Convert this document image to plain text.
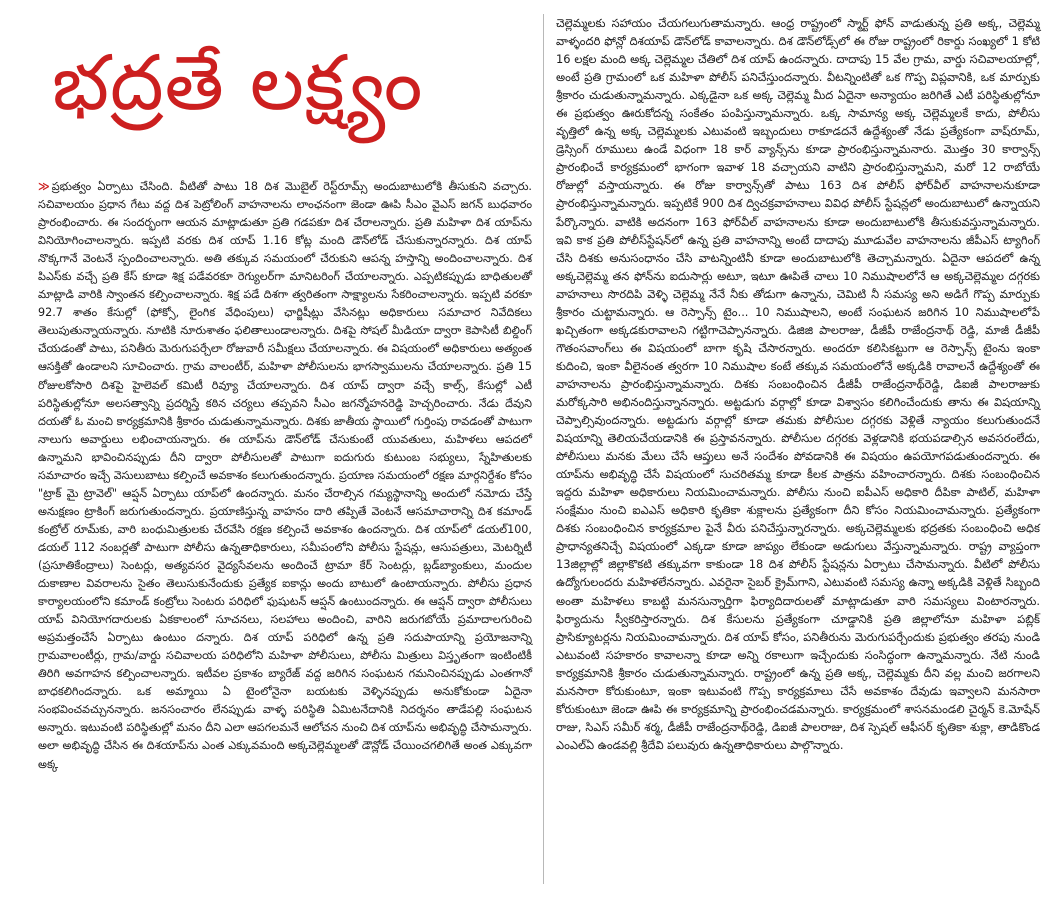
భద్రతే లక్ష్యం

≫ ప్రభుత్వం ఏర్పాటు చేసింది. వీటితో పాటు 18 దిశ మొబైల్ రెస్ట్‌రూమ్స్ అందుబాటులోకి తీసుకుని వచ్చారు. సచివాలయం ప్రధాన గేటు వద్ద దిశ పెట్రోలింగ్ వాహనాలను లాంఛనంగా జెండా ఊపి సీఎం వైఎస్ జగన్ బుధవారం ప్రారంభించారు. ఈ సందర్భంగా ఆయన మాట్లాడుతూ ప్రతి గడపకూ దిశ చేరాలన్నారు. ప్రతి మహిళా దిశ యాప్‌ను వినియోగించాలన్నారు. ఇప్పటి వరకు దిశ యాప్ 1.16 కోట్ల మంది డౌన్‌లోడ్ చేసుకున్నారన్నారు. దిశ యాప్ నొక్కగానే వెంటనే స్పందించాలన్నారు. అతి తక్కువ సమయంలో చేరుకుని ఆపన్న హస్తాన్ని అందించాలన్నారు. దిశ పిఎస్‌కు వచ్చే ప్రతి కేస్ కూడా శిక్ష పడేవరకూ రెగ్యులర్‌గా మానిటరింగ్ చేయాలన్నారు. ఎప్పటికప్పుడు బాధితులతో మాట్లాడి వారికి స్వాంతన కల్పించాలన్నారు. శిక్ష పడే దిశగా త్వరితంగా సాక్ష్యాలను సేకరించాలన్నారు. ఇప్పటి వరకూ 92.7 శాతం కేసుల్లో (ఫోక్సో, లైంగిక వేధింపులు) ఛార్జిషీట్లు వేసినట్లు అధికారులు సమాచార నివేదికలు తెలుపుతున్నాయన్నారు. నూటికి నూరుశాతం ఫలితాలుండాలన్నారు. దిశపై సోషల్ మీడియా ద్వారా కెపాసిటీ బిల్డింగ్ చేయడంతో పాటు, పనితీరు మెరుగుపర్చేలా రోజువారీ సమీక్షలు చేయాలన్నారు. ఈ విషయంలో అధికారులు అత్యంత ఆసక్తితో ఉండాలని సూచించారు. గ్రామ వాలంటీర్, మహిళా పోలీసులను భాగస్వాములను చేయాలన్నారు. ప్రతి 15 రోజులకోసారి దిశపై హైలెవల్ కమిటీ రివ్యూ చేయాలన్నారు. దిశ యాప్ ద్వారా వచ్చే కాల్స్, కేసుల్లో ఎటీ పరిస్థితుల్లోనూ అలసత్వాన్ని ప్రదర్శిస్తే కఠిన చర్యలు తప్పవని సీఎం జగన్మోహనరెడ్డి హెచ్చరించారు. నేడు దేవుని దయతో ఓ మంచి కార్యక్రమానికి శ్రీకారం చుడుతున్నామన్నారు. దిశకు జాతీయ స్థాయిలో గుర్తింపు రావడంతో పాటుగా నాలుగు అవార్డులు లభించాయన్నారు. ఈ యాప్‌ను డౌన్‌లోడ్ చేసుకుంటే యువతులు, మహిళలు ఆపదలో ఉన్నామని భావించినప్పుడు దీని ద్వారా పోలీసులతో పాటుగా ఐదుగురు కుటుంబ సభ్యులు, స్నేహితులకు సమాచారం ఇచ్చే వెసులుబాటు కల్పించే అవకాశం కలుగుతుందన్నారు. ప్రయాణ సమయంలో రక్షణ మార్గనిర్దేశం కోసం "ట్రాక్ మై ట్రావెల్" ఆప్షన్ ఏర్పాటు యాప్‌లో ఉందన్నారు. మనం చేరాల్సిన గమ్యస్థానాన్ని అందులో నమోదు చేస్తే అనుక్షణం ట్రాకింగ్ జరుగుతుందన్నారు. ప్రయాణిస్తున్న వాహనం దారి తప్పితే వెంటనే ఆసమాచారాన్ని దిశ కమాండ్ కంట్రోల్ రూమ్‌కు, వారి బంధుమిత్రులకు చేరవేసి రక్షణ కల్పించే అవకాశం ఉందన్నారు. దిశ యాప్‌లో డయల్100, డయల్ 112 నంబర్లతో పాటుగా పోలీసు ఉన్నతాధికారులు, సమీపంలోని పోలీసు స్టేషన్లు, ఆసుపత్రులు, మెటర్నిటీ (ప్రసూతికేంద్రాలు) సెంటర్లు, అత్యవసర వైద్యసేవలను అందించే ట్రామా కేర్ సెంటర్లు, బ్లడ్‌బ్యాంకులు, మందుల దుకాణాల వివరాలను సైతం తెలుసుకునేందుకు ప్రత్యేక ఐకాన్లు అందు బాటులో ఉంటాయన్నారు. పోలీసు ప్రధాన కార్యాలయంలోని కమాండ్ కంట్రోలు సెంటరు పరిధిలో ఫుషుటన్ ఆప్షన్ ఉంటుందన్నారు. ఈ ఆప్షన్ ద్వారా పోలీసులు యాప్ వినియోగదారులకు ఏకకాలంలో సూచనలు, సలహాలు అందించి, వారిని జరుగబోయే ప్రమాదాలగురించి అప్రమత్తంచేసే ఏర్పాటు ఉంటుం దన్నారు. దిశ యాప్ పరిధిలో ఉన్న ప్రతి సదుపాయాన్ని ప్రయోజనాన్ని గ్రామవాలంటీర్లు, గ్రామ/వార్డు సచివాలయ పరిధిలోని మహిళా పోలీసులు, పోలీసు మిత్రులు విస్తృతంగా ఇంటింటికీ తిరిగి అవగాహన కల్పించాలన్నారు. ఇటీవల ప్రకాశం బ్యారేజ్ వద్ద జరిగిన సంఘటన గమనించినప్పుడు ఎంతగానో బాధకలిగిందన్నారు. ఒక అమ్మాయి ఏ టైంలోనైనా బయటకు వెళ్ళినప్పుడు అనుకోకుండా ఏదైనా సంభవించవచ్చునన్నారు. జనసంచారం లేనప్పుడు వాళ్ళ పరిస్థితి ఏమిటనేదానికి నిదర్శనం తాడేపల్లి సంఘటన అన్నారు. ఇటువంటి పరిస్థితుల్లో మనం దీని ఎలా ఆపగలమనే ఆలోచన నుంచి దిశ యాప్‌ను అభివృద్ధి చేసామన్నారు. అలా అభివృద్ధి చేసిన ఈ దిశయాప్‌ను ఎంత ఎక్కువమంది అక్కచెల్లెమ్మలతో డౌన్లోడ్ చేయించగలిగితే అంత ఎక్కువగా అక్క

చెల్లెమ్మలకు సహాయం చేయగలుగుతామన్నారు. ఆంధ్ర రాష్ట్రంలో స్మార్ట్ ఫోన్ వాడుతున్న ప్రతి అక్క, చెల్లెమ్మ వాళ్ళందరి ఫోన్లో దిశయాప్ డౌన్‌లోడ్ కావాలన్నారు. దిశ డౌన్‌లోడ్స్‌లో ఈ రోజు రాష్ట్రంలో రికార్డు సంఖ్యలో 1 కోటి 16 లక్షల మంది అక్క చెల్లెమ్మల చేతిలో దిశ యాప్ ఉందన్నారు. దాదాపు 15 వేల గ్రామ, వార్డు సచివాలయాల్లో, అంటే ప్రతి గ్రామంలో ఒక మహిళా పోలీస్ పనిచేస్తుందన్నారు. వీటన్నింటితో ఒక గొప్ప విప్లవానికి, ఒక మార్పుకు శ్రీకారం చుడుతున్నామన్నారు. ఎక్కడైనా ఒక అక్క చెల్లెమ్మ మీద ఏదైనా అన్యాయం జరిగితే ఎటీ పరిస్థితుల్లోనూ ఈ ప్రభుత్వం ఊరుకోదన్న సంకేతం పంపిస్తున్నామన్నారు. ఒక్క సామాన్య అక్క చెల్లెమ్మలకే కాదు, పోలీసు వృత్తిలో ఉన్న అక్క చెల్లెమ్మలకు ఎటువంటి ఇబ్బందులు రాకూడదనే ఉద్దేశ్యంతో నేడు ప్రత్యేకంగా వాష్‌రూమ్, డ్రెస్సింగ్ రూములు ఉండే విధంగా 18 కార్ వ్యాన్స్‌ను కూడా ప్రారంభిస్తున్నామనారు. మొత్తం 30 కార్వాన్స్ ప్రారంభించే కార్యక్రమంలో భాగంగా ఇవాళ 18 వచ్చాయని వాటిని ప్రారంభిస్తున్నామని, మరో 12 రాబోయే రోజుల్లో వస్తాయన్నారు. ఈ రోజు కార్వాన్స్‌తో పాటు 163 దిశ పోలీస్ ఫోర్‌వీల్ వాహనాలనుకూడా ప్రారంభిస్తున్నామన్నారు. ఇప్పటికే 900 దిశ ద్విచక్రవాహనాలు వివిధ పోలీస్ స్టేషన్లలో అందుబాటులో ఉన్నాయని పేర్కొన్నారు. వాటికి అదనంగా 163 ఫోర్‌వీల్ వాహనాలను కూడా అందుబాటులోకి తీసుకువస్తున్నామన్నారు. ఇవి కాక ప్రతి పోలీస్‌స్టేషన్‌లో ఉన్న ప్రతి వాహనాన్ని అంటే దాదాపు మూడువేల వాహనాలను జీపీఎస్ ట్యాగింగ్ చేసి దిశకు అనుసంధానం చేసి వాటన్నింటినీ కూడా అందుబాటులోకి తెచ్చామన్నారు. ఏదైనా ఆపదలో ఉన్న అక్కచెల్లెమ్మ తన ఫోన్‌ను ఐదుసార్లు అటూ, ఇటూ ఊపితే చాలు 10 నిముషాలలోనే ఆ అక్కచెల్లెమ్మల దగ్గరకు వాహనాలు సొరదిపి వెళ్ళి చెల్లెమ్మ నేనే నీకు తోడుగా ఉన్నాను, చెమిటి నీ సమస్య అని అడిగే గొప్ప మార్పుకు శ్రీకారం చుట్టామన్నారు. ఆ రెస్పాన్స్ టైం... 10 నిముషాలని, అంటే సంఘటన జరిగిన 10 నిముషాలలోపే ఖచ్చితంగా అక్కడకురావాలని గట్టిగాచెప్పానన్నారు. డిజిజి పాలరాజు, డీజీపీ రాజేంద్రనాథ్ రెడ్డి, మాజీ డీజీపీ గౌతంసవాంగ్‌లు ఈ విషయంలో బాగా కృషి చేసారన్నారు. అందరూ కలిసికట్టుగా ఆ రెస్పాన్స్ టైంను ఇంకా కుదించి, ఇంకా వీలైనంత త్వరగా 10 నిముషాల కంటే తక్కువ సమయంలోనే అక్కడికి రావాలనే ఉద్దేశ్యంతో ఈ వాహనాలను ప్రారంభిస్తున్నామన్నారు. దిశకు సంబంధించిన డీజీపీ రాజేంద్రనాథ్‌రెడ్డి, డిఐజీ పాలరాజుకు మరోక్కసారి అభినందిస్తున్నానన్నారు. అట్టడుగు వర్గాల్లో కూడా విశ్వాసం కలిగించేందుకు తాను ఈ విషయాన్ని చెప్పాల్సివుందన్నారు. అట్టడుగు వర్గాల్లో కూడా తమకు పోలీసుల దగ్గరకు వెళ్లితే న్యాయం కలుగుతుందనే విషయాన్ని తెలియచేయడానికి ఈ ప్రస్తావనన్నారు. పోలీసుల దగ్గరకు వెళ్లడానికి భయపడాల్సిన అవసరంలేదు, పోలీసులు మనకు మేలు చేసే ఆప్తులు అనే సందేశం పోవడానికి ఈ విషయం ఉపయోగపడుతుందన్నారు. ఈ యాప్‌ను అభివృద్ధి చేసే విషయంలో సుచరితమ్మ కూడా కీలక పాత్రను వహించారన్నారు. దిశకు సంబంధించిన ఇద్దరు మహిళా అధికారులు నియమించామన్నారు. పోలీసు నుంచి ఐపీఎస్ అధికారి దీపికా పాటిల్, మహిళా సంక్షేమం నుంచి ఐఎఎస్ అధికారి కృతికా శుక్లాలను ప్రత్యేకంగా దీని కోసం నియమించామన్నారు. ప్రత్యేకంగా దిశకు సంబంధించిన కార్యక్రమాల పైనే వీరు పనిచేస్తున్నారన్నారు. అక్కచెల్లెమ్మలకు భద్రతకు సంబంధించి అధిక ప్రాధాన్యతనిచ్చే విషయంలో ఎక్కడా కూడా జాప్యం లేకుండా అడుగులు వేస్తున్నామన్నారు. రాష్ట్ర వ్యాప్తంగా 13జిల్లాల్లో జిల్లాకొకటి తక్కువగా కాకుండా 18 దిశ పోలీస్ స్టేషన్లను ఏర్పాటు చేసామన్నారు. వీటిలో పోలీసు ఉద్యోగులందరు మహిళలేనన్నారు. ఎవరైనా సైబర్ క్రైమ్‌గాని, ఎటువంటి సమస్య ఉన్నా అక్కడికి వెళ్లితే సిబ్బంది అంతా మహిళలు కాబట్టి మనసున్నార్తిగా ఫిర్యాదిదారులతో మాట్లాడుతూ వారి సమస్యలు వింటారన్నారు. ఫిర్యాదును స్వీకరిస్తారన్నారు. దిశ కేసులను ప్రత్యేకంగా చూడ్డానికి ప్రతి జిల్లాలోనూ మహిళా పబ్లిక్ ప్రాసిక్యూటర్లను నియమించామన్నారు. దిశ యాప్ కోసం, పనితీరును మెరుగుపర్చేందుకు ప్రభుత్వం తరపు నుండి ఎటువంటి సహకారం కావాలన్నా కూడా అన్ని రకాలుగా ఇచ్చేందుకు సంసిద్ధంగా ఉన్నామన్నారు. నేటి నుండి కార్యక్రమానికి శ్రీకారం చుడుతున్నామన్నారు. రాష్ట్రంలో ఉన్న ప్రతి అక్క, చెల్లెమ్మకు దీని వల్ల మంచి జరగాలని మనసారా కోరుకుంటూ, ఇంకా ఇటువంటి గొప్ప కార్యక్రమాలు చేసే అవకాశం దేవుడు ఇవ్వాలని మనసారా కోరుకుంటూ జెండా ఊపి ఈ కార్యక్రమాన్ని ప్రారంభించడమన్నారు. కార్యక్రమంలో శాసనమండలి చైర్మన్ కె.మోషేన్ రాజు, సిఎస్ సమీర్ శర్మ, డీజీపీ రాజేంద్రనాథ్‌రెడ్డి, డిఐజీ పాలరాజు, దిశ స్పెషల్ ఆఫీసర్ కృతికా శుక్లా, తాడికొండ ఎంఎల్ఏ ఉండవల్లి శ్రీదేవి పలువురు ఉన్నతాధికారులు పాల్గొన్నారు.
